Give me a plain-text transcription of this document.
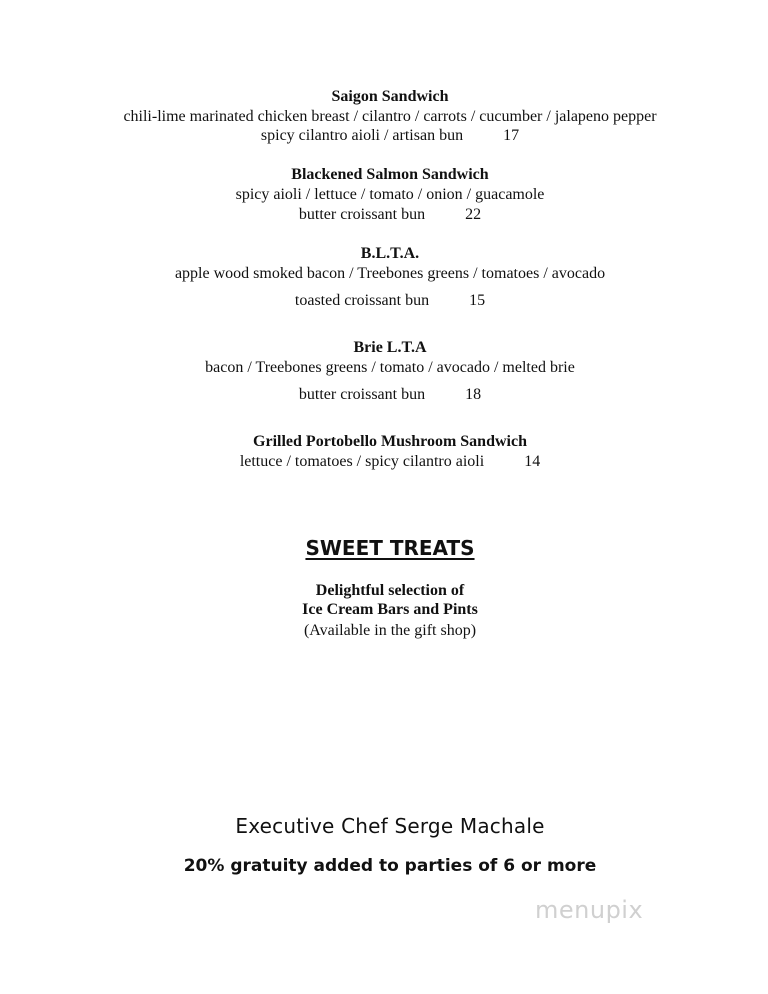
Saigon Sandwich
chili-lime marinated chicken breast / cilantro / carrots / cucumber / jalapeno pepper
spicy cilantro aioli / artisan bun	17
Blackened Salmon Sandwich
spicy aioli / lettuce / tomato / onion / guacamole
butter croissant bun	22
B.L.T.A.
apple wood smoked bacon / Treebones greens / tomatoes / avocado
toasted croissant bun	15
Brie L.T.A
bacon / Treebones greens / tomato / avocado / melted brie
butter croissant bun	18
Grilled Portobello Mushroom Sandwich
lettuce / tomatoes / spicy cilantro aioli	14
SWEET TREATS
Delightful selection of
Ice Cream Bars and Pints
(Available in the gift shop)
Executive Chef Serge Machale
20% gratuity added to parties of 6 or more
menupix
